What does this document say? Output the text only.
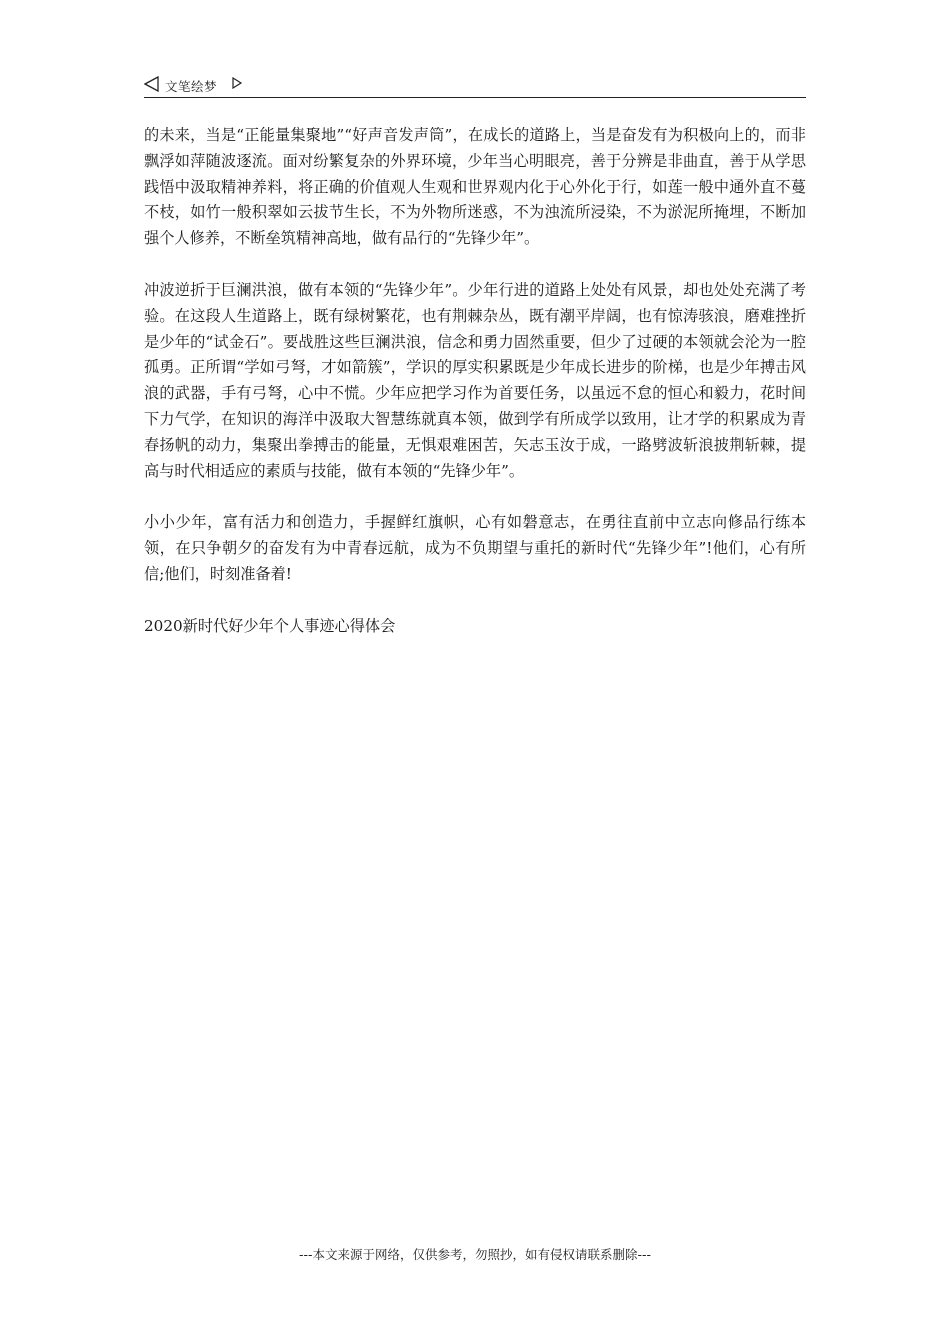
文笔绘梦

的未来，当是“正能量集聚地”“好声音发声筒”，在成长的道路上，当是奋发有为积极向上的，而非飘浮如萍随波逐流。面对纷繁复杂的外界环境，少年当心明眼亮，善于分辨是非曲直，善于从学思践悟中汲取精神养料，将正确的价值观人生观和世界观内化于心外化于行，如莲一般中通外直不蔓不枝，如竹一般积翠如云拔节生长，不为外物所迷惑，不为浊流所浸染，不为淤泥所掩埋，不断加强个人修养，不断垒筑精神高地，做有品行的“先锋少年”。

冲波逆折于巨澜洪浪，做有本领的“先锋少年”。少年行进的道路上处处有风景，却也处处充满了考验。在这段人生道路上，既有绿树繁花，也有荆棘杂丛，既有潮平岸阔，也有惊涛骇浪，磨难挫折是少年的“试金石”。要战胜这些巨澜洪浪，信念和勇力固然重要，但少了过硬的本领就会沦为一腔孤勇。正所谓“学如弓弩，才如箭簇”，学识的厚实积累既是少年成长进步的阶梯，也是少年搏击风浪的武器，手有弓弩，心中不慌。少年应把学习作为首要任务，以虽远不怠的恒心和毅力，花时间下力气学，在知识的海洋中汲取大智慧练就真本领，做到学有所成学以致用，让才学的积累成为青春扬帆的动力，集聚出拳搏击的能量，无惧艰难困苦，矢志玉汝于成，一路劈波斩浪披荆斩棘，提高与时代相适应的素质与技能，做有本领的“先锋少年”。

小小少年，富有活力和创造力，手握鲜红旗帜，心有如磐意志，在勇往直前中立志向修品行练本领，在只争朝夕的奋发有为中青春远航，成为不负期望与重托的新时代“先锋少年”!他们，心有所信;他们，时刻准备着!

2020新时代好少年个人事迹心得体会

---本文来源于网络，仅供参考，勿照抄，如有侵权请联系删除---
